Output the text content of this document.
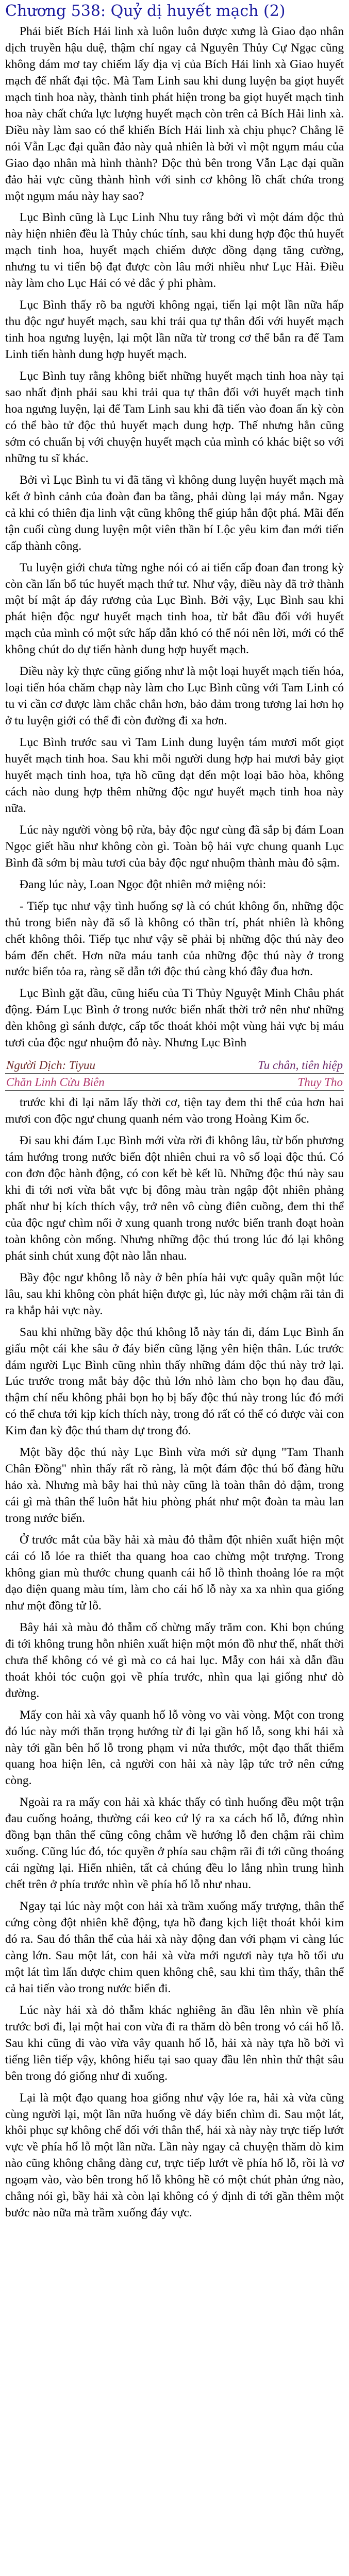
Chương 538: Quỷ dị huyết mạch (2)

Phải biết Bích Hải linh xà luôn luôn được xưng là Giao đạo nhân dịch truyền hậu duệ, thậm chí ngay cả Nguyên Thủy Cự Ngạc cũng không dám mơ tay chiếm lấy địa vị của Bích Hải linh xà Giao huyết mạch để nhất đại tộc. Mà Tam Linh sau khi dung luyện ba giọt huyết mạch tinh hoa này, thành tinh phát hiện trong ba giọt huyết mạch tinh hoa này chất chứa lực lượng huyết mạch còn trên cả Bích Hải linh xà. Điều này làm sao có thể khiến Bích Hải linh xà chịu phục? Chẳng lẽ nói Vẫn Lạc đại quần đảo này quả nhiên là bởi vì một ngụm máu của Giao đạo nhân mà hình thành? Độc thủ bên trong Vẫn Lạc đại quần đảo hải vực cũng thành hình với sinh cơ không lồ chất chứa trong một ngụm máu này hay sao?

Lục Bình cũng là Lục Linh Nhu tuy rằng bởi vì một đám độc thủ này hiện nhiên đều là Thủy chúc tính, sau khi dung hợp độc thủ huyết mạch tinh hoa, huyết mạch chiếm được đồng dạng tăng cường, nhưng tu vi tiến bộ đạt được còn lâu mới nhiều như Lục Hải. Điều này làm cho Lục Hải có vẻ đắc ý phi phàm.

Lục Bình thấy rõ ba người không ngại, tiến lại một lần nữa hấp thu độc ngư huyết mạch, sau khi trải qua tự thân đối với huyết mạch tinh hoa ngưng luyện, lại một lần nữa từ trong cơ thể bắn ra để Tam Linh tiến hành dung hợp huyết mạch.

Lục Bình tuy rằng không biết những huyết mạch tinh hoa này tại sao nhất định phải sau khi trải qua tự thân đối với huyết mạch tinh hoa ngưng luyện, lại để Tam Linh sau khi đã tiến vào đoan ấn kỳ còn có thể bào tử độc thủ huyết mạch dung hợp. Thế nhưng hẳn cũng sớm có chuẩn bị với chuyện huyết mạch của mình có khác biệt so với những tu sĩ khác.

Bởi vì Lục Bình tu vi đã tăng vì không dung luyện huyết mạch mà kết ở bình cảnh của đoàn đan ba tầng, phải dùng lại máy mắn. Ngay cả khi có thiên địa linh vật cũng không thể giúp hắn đột phá. Mãi đến tận cuối cùng dung luyện một viên thần bí Lộc yêu kim đan mới tiến cấp thành công.

Tu luyện giới chưa từng nghe nói có ai tiến cấp đoan đan trong kỳ còn cần lấn bổ túc huyết mạch thứ tư. Như vậy, điều này đã trở thành một bí mật áp đáy rương của Lục Bình. Bởi vậy, Lục Bình sau khi phát hiện độc ngư huyết mạch tinh hoa, từ bắt đầu đối với huyết mạch của mình có một sức hấp dẫn khó có thể nói nên lời, mới có thể không chút do dự tiến hành dung hợp huyết mạch.

Điều này kỳ thực cũng giống như là một loại huyết mạch tiến hóa, loại tiến hóa chăm chạp này làm cho Lục Bình cũng với Tam Linh có tu vi cần cơ được làm chắc chắn hơn, bảo đảm trong tương lai hơn họ ở tu luyện giới có thể đi còn đường đi xa hơn.

Lục Bình trước sau vì Tam Linh dung luyện tám mươi mốt giọt huyết mạch tinh hoa. Sau khi mỗi người dung hợp hai mươi bảy giọt huyết mạch tinh hoa, tựa hồ cũng đạt đến một loại bão hòa, không cách nào dung hợp thêm những độc ngư huyết mạch tinh hoa này nữa.

Lúc này người vòng bộ rửa, bảy độc ngư cùng đã sắp bị đám Loan Ngọc giết hầu như không còn gì. Toàn bộ hải vực chung quanh Lục Bình đã sớm bị màu tươi của bảy độc ngư nhuộm thành màu đỏ sậm.

Đang lúc này, Loan Ngọc đột nhiên mở miệng nói:

- Tiếp tục như vậy tình huống sợ là có chút không ổn, những độc thủ trong biển này đã sổ là không có thần trí, phát nhiên là không chết không thôi. Tiếp tục như vậy sẽ phải bị những độc thú này đeo bám đến chết. Hơn nữa máu tanh của những độc thú này ở trong nước biển tỏa ra, ràng sẽ dẫn tới độc thú càng khó đây đua hơn.

Lục Bình gặt đầu, cũng hiểu của Tỉ Thủy Nguyệt Minh Châu phát động. Đám Lục Bình ở trong nước biển nhất thời trở nên như những đèn không gì sánh được, cấp tốc thoát khỏi một vùng hải vực bị máu tươi của độc ngư nhuộm đỏ này. Nhưng Lục Bình

Người Dịch: Tiyuu	Tu chân, tiên hiệp
Chăn Linh Cửu Biên	Thuy Tho

trước khi đi lại năm lấy thời cơ, tiện tay đem thi thể của hơn hai mươi con độc ngư chung quanh ném vào trong Hoàng Kim ốc.

Đi sau khi đám Lục Bình mới vừa rời đi không lâu, từ bốn phương tám hướng trong nước biển đột nhiên chui ra vô số loại độc thú. Có con đơn độc hành động, có con kết bè kết lũ. Những độc thú này sau khi đi tới nơi vừa bắt vực bị đông màu tràn ngập đột nhiên phảng phất như bị kích thích vậy, trở nên vô cùng điên cuồng, đem thi thể của độc ngư chìm nổi ở xung quanh trong nước biển tranh đoạt hoàn toàn không còn mống. Nhưng những độc thú trong lúc đó lại không phát sinh chút xung đột nào lẫn nhau.

Bầy độc ngư không lỗ này ở bên phía hải vực quây quần một lúc lâu, sau khi không còn phát hiện được gì, lúc này mới chậm rãi tản đi ra khắp hải vực này.

Sau khi những bầy độc thú không lỗ này tán đi, đám Lục Bình ẩn giấu một cái khe sâu ở đáy biển cũng lặng yên hiện thân. Lúc trước đám người Lục Bình cũng nhìn thấy những đám độc thú này trở lại. Lúc trước trong mắt bảy độc thủ lớn nhỏ làm cho bọn họ đau đầu, thậm chí nếu không phải bọn họ bị bấy độc thú này trong lúc đó mới có thể chưa tới kịp kích thích này, trong đó rất có thể có được vài con Kim đan kỳ độc thú tham dự trong đó.

Một bầy độc thú này Lục Bình vừa mới sử dụng "Tam Thanh Chân Đồng" nhìn thấy rất rõ ràng, là một đám độc thú bố đàng hữu hảo xà. Nhưng mà bây hai thủ này cũng là toàn thân đỏ đậm, trong cái gì mà thân thể luôn hắt hiu phòng phát như một đoàn ta màu lan trong nước biển.

Ở trước mắt của bầy hải xà màu đỏ thẫm đột nhiên xuất hiện một cái có lỗ lóe ra thiết tha quang hoa cao chừng một trượng. Trong không gian mù thước chung quanh cái hố lỗ thình thoảng lóe ra một đạo điện quang màu tím, làm cho cái hố lỗ này xa xa nhìn qua giống như một đồng tử lỗ.

Bây hải xà màu đỏ thẫm cố chừng mấy trăm con. Khi bọn chúng đi tới không trung hỗn nhiên xuất hiện một món đồ như thế, nhất thời chưa thể không có vẻ gì mà co cả hai lục. Mẫy con hải xà dẫn đầu thoát khỏi tóc cuộn gọi về phía trước, nhìn qua lại giống như dò đường.

Mấy con hải xà vây quanh hố lỗ vòng vo vài vòng. Một con trong đó lúc này mới thăn trọng hướng từ đi lại gần hố lỗ, song khi hải xà này tới gần bên hố lỗ trong phạm vi nửa thước, một đạo thất thiểm quang hoa hiện lên, cả người con hải xà này lập tức trở nên cứng còng.

Ngoài ra ra mấy con hải xà khác thấy có tình huống đều một trận đau cuống hoảng, thường cái keo cứ lý ra xa cách hố lỗ, đứng nhìn đồng bạn thân thể cũng công chắm về hướng lỗ đen chậm rãi chìm xuống. Cũng lúc đó, tóc quyền ở phía sau chậm rãi đi tới cũng thoáng cái ngừng lại. Hiển nhiên, tất cả chúng đều lo lắng nhìn trung hình chết trên ở phía trước nhìn về phía hố lỗ như nhau.

Ngay tại lúc này một con hải xà trầm xuống mấy trượng, thân thể cứng còng đột nhiên khẽ động, tựa hồ đang kịch liệt thoát khỏi kim đó ra. Sau đó thân thể của hải xà này động đan với phạm vi càng lúc càng lớn. Sau một lát, con hải xà vừa mới ngươi này tựa hồ tối ưu một lát tìm lấn dược chim quen không chê, sau khi tìm thấy, thân thể cả hai tiến vào trong nước biển đi.

Lúc này hải xà đỏ thẫm khác nghiêng ăn đầu lên nhìn về phía trước bơi đi, lại một hai con vừa đi ra thăm dò bên trong vỏ cái hố lỗ. Sau khi cũng đi vào vừa vây quanh hố lỗ, hải xà này tựa hồ bởi vì tiếng liên tiếp vậy, không hiểu tại sao quay đầu lên nhìn thử thật sâu bên trong đó giống như đi xuống.

Lại là một đạo quang hoa giống như vậy lóe ra, hải xà vừa cũng cùng người lại, một lần nữa huống về đáy biển chìm đi. Sau một lát, khôi phục sự không chế đối với thân thể, hải xà này này trực tiếp lướt vực về phía hố lỗ một lần nữa. Lần này ngay cả chuyện thăm dò kim nào cũng không chẳng đàng cư, trực tiếp lướt về phía hố lỗ, rồi là vơ ngoạm vào, vào bên trong hố lỗ không hề có một chút phản ứng nào, chẳng nói gì, bầy hải xà còn lại không có ý định đi tới gần thêm một bước nào nữa mà trầm xuống đáy vực.
